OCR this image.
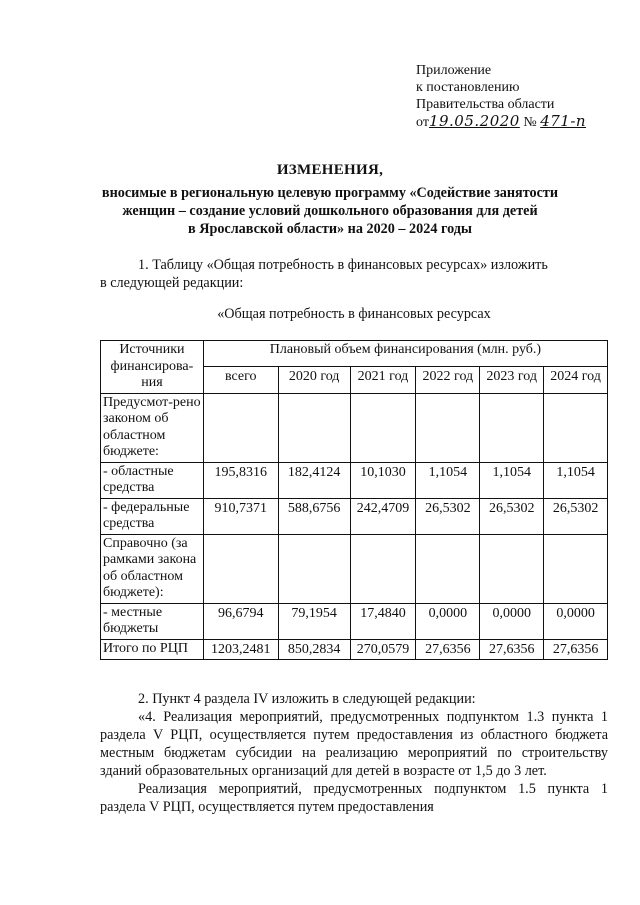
Приложение
к постановлению
Правительства области
от19.05.2020 № 471-п
ИЗМЕНЕНИЯ,
вносимые в региональную целевую программу «Содействие занятости
женщин – создание условий дошкольного образования для детей
в Ярославской области» на 2020 – 2024 годы
1. Таблицу «Общая потребность в финансовых ресурсах» изложить
в следующей редакции:
«Общая потребность в финансовых ресурсах
Источники финансирова-ния	Плановый объем финансирования (млн. руб.)					
	всего	2020 год	2021 год	2022 год	2023 год	2024 год
Предусмот-рено законом об областном бюджете:						
- областные средства	195,8316	182,4124	10,1030	1,1054	1,1054	1,1054
- федеральные средства	910,7371	588,6756	242,4709	26,5302	26,5302	26,5302
Справочно (за рамками закона об областном бюджете):						
- местные бюджеты	96,6794	79,1954	17,4840	0,0000	0,0000	0,0000
Итого по РЦП	1203,2481	850,2834	270,0579	27,6356	27,6356	27,6356
2. Пункт 4 раздела IV изложить в следующей редакции:
«4. Реализация мероприятий, предусмотренных подпунктом 1.3 пункта 1 раздела V РЦП, осуществляется путем предоставления из областного бюджета местным бюджетам субсидии на реализацию мероприятий по строительству зданий образовательных организаций для детей в возрасте от 1,5 до 3 лет.
Реализация мероприятий, предусмотренных подпунктом 1.5 пункта 1 раздела V РЦП, осуществляется путем предоставления
